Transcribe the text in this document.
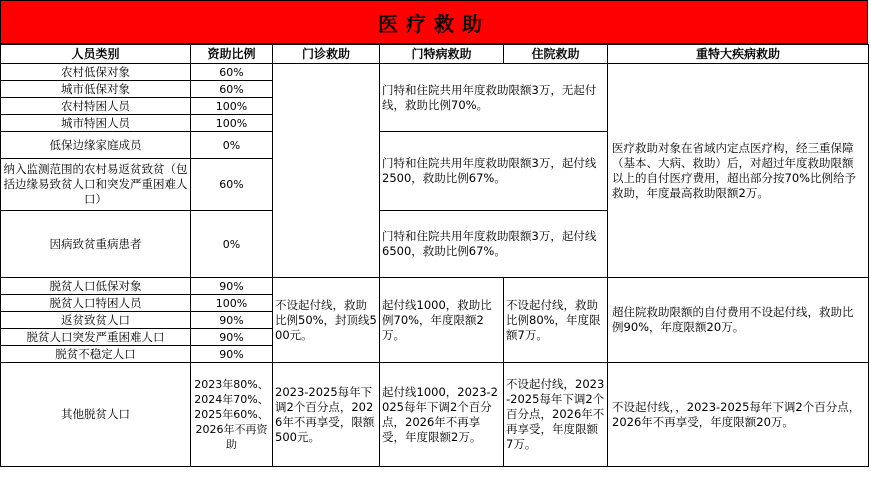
医疗救助
人员类别	资助比例	门诊救助	门特病救助	住院救助	重特大疾病救助
农村低保对象	60%		门特和住院共用年度救助限额3万，无起付线，救助比例70%。		医疗救助对象在省域内定点医疗构，经三重保障（基本、大病、救助）后，对超过年度救助限额以上的自付医疗费用，超出部分按70%比例给予救助，年度最高救助限额2万。
城市低保对象	60%				
农村特困人员	100%				
城市特困人员	100%				
低保边缘家庭成员	0%		门特和住院共用年度救助限额3万，起付线2500，救助比例67%。		
纳入监测范围的农村易返贫致贫（包括边缘易致贫人口和突发严重困难人口）	60%				
因病致贫重病患者	0%		门特和住院共用年度救助限额3万，起付线6500，救助比例67%。		
脱贫人口低保对象	90%	不设起付线，救助比例50%，封顶线500元。	起付线1000，救助比例70%，年度限额2万。	不设起付线，救助比例80%，年度限额7万。	超住院救助限额的自付费用不设起付线，救助比例90%，年度限额20万。
脱贫人口特困人员	100%				
返贫致贫人口	90%				
脱贫人口突发严重困难人口	90%				
脱贫不稳定人口	90%				
其他脱贫人口	2023年80%、2024年70%、2025年60%、2026年不再资助	2023-2025每年下调2个百分点，2026年不再享受，限额500元。	起付线1000，2023-2025每年下调2个百分点，2026年不再享受，年度限额2万。	不设起付线，2023-2025每年下调2个百分点，2026年不再享受，年度限额7万。	不设起付线，，2023-2025每年下调2个百分点，2026年不再享受，年度限额20万。
